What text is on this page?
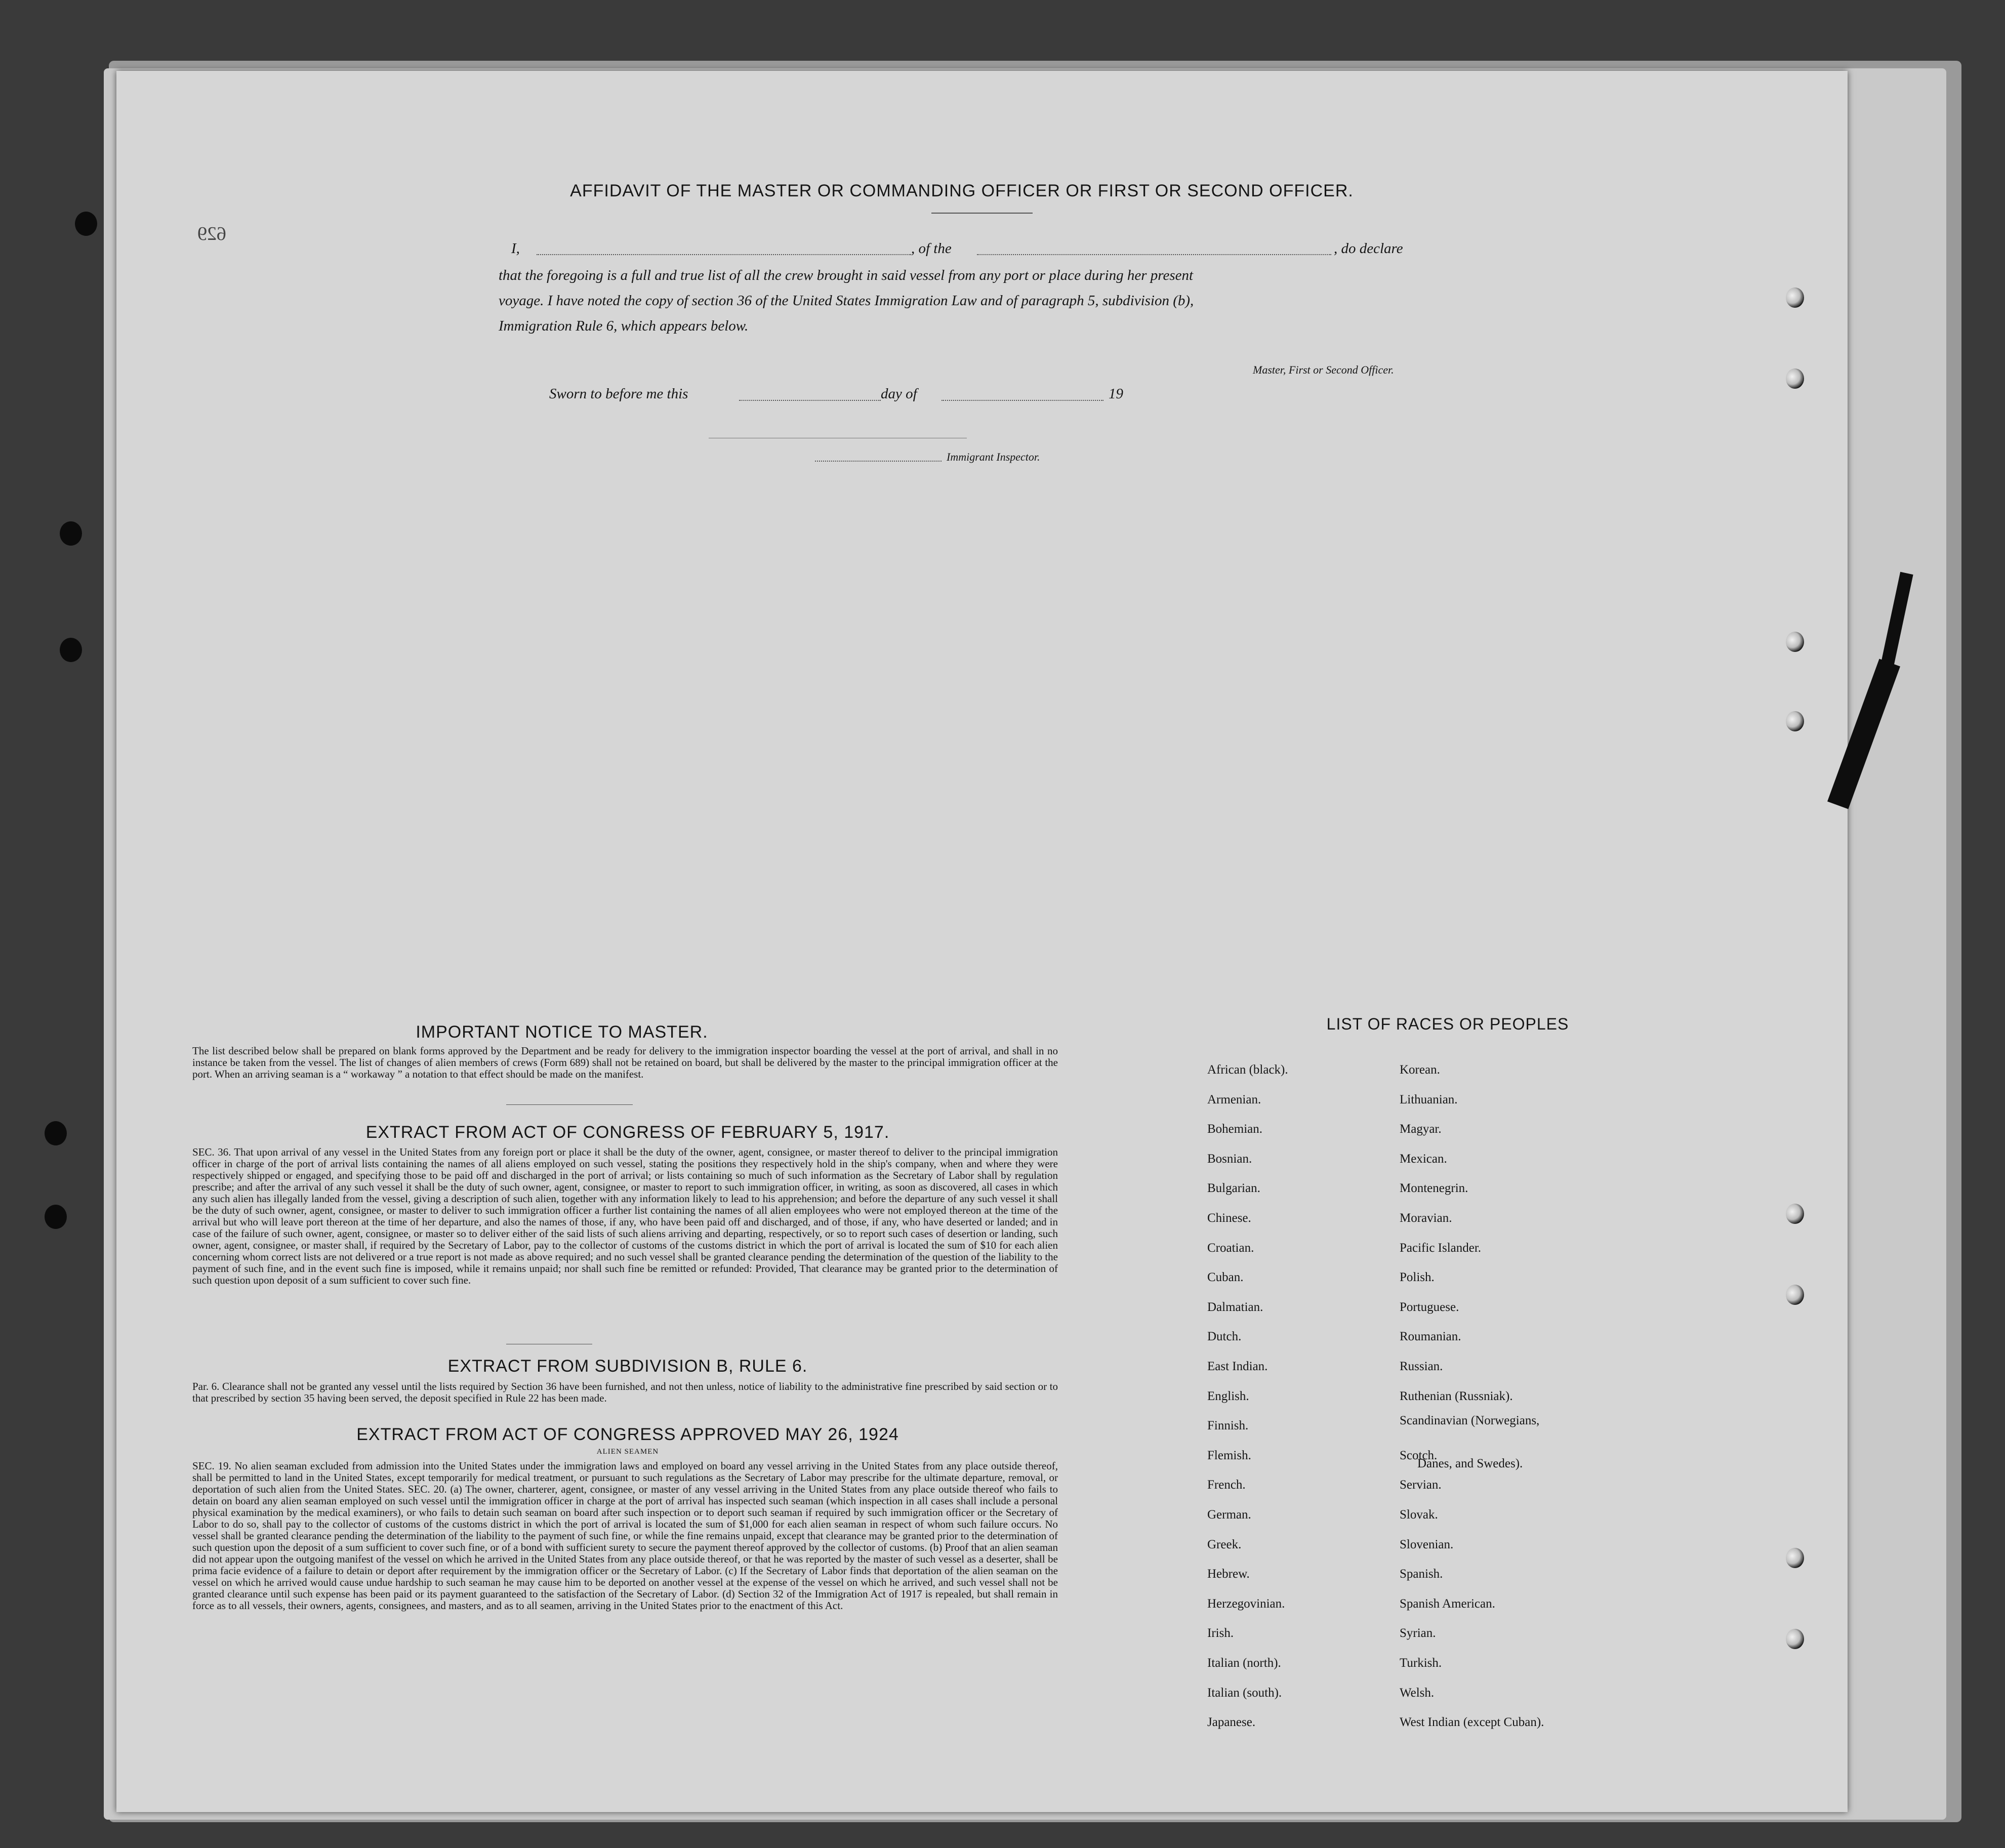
629
AFFIDAVIT OF THE MASTER OR COMMANDING OFFICER OR FIRST OR SECOND OFFICER.
I,	, of the	, do declare
that the foregoing is a full and true list of all the crew brought in said vessel from any port or place during her present
voyage. I have noted the copy of section 36 of the United States Immigration Law and of paragraph 5, subdivision (b),
Immigration Rule 6, which appears below.
Master, First or Second Officer.
Sworn to before me this	day of	19
Immigrant Inspector.
IMPORTANT NOTICE TO MASTER.
The list described below shall be prepared on blank forms approved by the Department and be ready for delivery to the immigration inspector boarding the vessel at the port of arrival, and shall in no instance be taken from the vessel. The list of changes of alien members of crews (Form 689) shall not be retained on board, but shall be delivered by the master to the principal immigration officer at the port. When an arriving seaman is a “ workaway ” a notation to that effect should be made on the manifest.
EXTRACT FROM ACT OF CONGRESS OF FEBRUARY 5, 1917.
SEC. 36. That upon arrival of any vessel in the United States from any foreign port or place it shall be the duty of the owner, agent, consignee, or master thereof to deliver to the principal immigration officer in charge of the port of arrival lists containing the names of all aliens employed on such vessel, stating the positions they respectively hold in the ship's company, when and where they were respectively shipped or engaged, and specifying those to be paid off and discharged in the port of arrival; or lists containing so much of such information as the Secretary of Labor shall by regulation prescribe; and after the arrival of any such vessel it shall be the duty of such owner, agent, consignee, or master to report to such immigration officer, in writing, as soon as discovered, all cases in which any such alien has illegally landed from the vessel, giving a description of such alien, together with any information likely to lead to his apprehension; and before the departure of any such vessel it shall be the duty of such owner, agent, consignee, or master to deliver to such immigration officer a further list containing the names of all alien employees who were not employed thereon at the time of the arrival but who will leave port thereon at the time of her departure, and also the names of those, if any, who have been paid off and discharged, and of those, if any, who have deserted or landed; and in case of the failure of such owner, agent, consignee, or master so to deliver either of the said lists of such aliens arriving and departing, respectively, or so to report such cases of desertion or landing, such owner, agent, consignee, or master shall, if required by the Secretary of Labor, pay to the collector of customs of the customs district in which the port of arrival is located the sum of $10 for each alien concerning whom correct lists are not delivered or a true report is not made as above required; and no such vessel shall be granted clearance pending the determination of the question of the liability to the payment of such fine, and in the event such fine is imposed, while it remains unpaid; nor shall such fine be remitted or refunded: Provided, That clearance may be granted prior to the determination of such question upon deposit of a sum sufficient to cover such fine.
EXTRACT FROM SUBDIVISION B, RULE 6.
Par. 6. Clearance shall not be granted any vessel until the lists required by Section 36 have been furnished, and not then unless, notice of liability to the administrative fine prescribed by said section or to that prescribed by section 35 having been served, the deposit specified in Rule 22 has been made.
EXTRACT FROM ACT OF CONGRESS APPROVED MAY 26, 1924
ALIEN SEAMEN
SEC. 19. No alien seaman excluded from admission into the United States under the immigration laws and employed on board any vessel arriving in the United States from any place outside thereof, shall be permitted to land in the United States, except temporarily for medical treatment, or pursuant to such regulations as the Secretary of Labor may prescribe for the ultimate departure, removal, or deportation of such alien from the United States. SEC. 20. (a) The owner, charterer, agent, consignee, or master of any vessel arriving in the United States from any place outside thereof who fails to detain on board any alien seaman employed on such vessel until the immigration officer in charge at the port of arrival has inspected such seaman (which inspection in all cases shall include a personal physical examination by the medical examiners), or who fails to detain such seaman on board after such inspection or to deport such seaman if required by such immigration officer or the Secretary of Labor to do so, shall pay to the collector of customs of the customs district in which the port of arrival is located the sum of $1,000 for each alien seaman in respect of whom such failure occurs. No vessel shall be granted clearance pending the determination of the liability to the payment of such fine, or while the fine remains unpaid, except that clearance may be granted prior to the determination of such question upon the deposit of a sum sufficient to cover such fine, or of a bond with sufficient surety to secure the payment thereof approved by the collector of customs. (b) Proof that an alien seaman did not appear upon the outgoing manifest of the vessel on which he arrived in the United States from any place outside thereof, or that he was reported by the master of such vessel as a deserter, shall be prima facie evidence of a failure to detain or deport after requirement by the immigration officer or the Secretary of Labor. (c) If the Secretary of Labor finds that deportation of the alien seaman on the vessel on which he arrived would cause undue hardship to such seaman he may cause him to be deported on another vessel at the expense of the vessel on which he arrived, and such vessel shall not be granted clearance until such expense has been paid or its payment guaranteed to the satisfaction of the Secretary of Labor. (d) Section 32 of the Immigration Act of 1917 is repealed, but shall remain in force as to all vessels, their owners, agents, consignees, and masters, and as to all seamen, arriving in the United States prior to the enactment of this Act.
LIST OF RACES OR PEOPLES
African (black).
Armenian.
Bohemian.
Bosnian.
Bulgarian.
Chinese.
Croatian.
Cuban.
Dalmatian.
Dutch.
East Indian.
English.
Finnish.
Flemish.
French.
German.
Greek.
Hebrew.
Herzegovinian.
Irish.
Italian (north).
Italian (south).
Japanese.
Korean.
Lithuanian.
Magyar.
Mexican.
Montenegrin.
Moravian.
Pacific Islander.
Polish.
Portuguese.
Roumanian.
Russian.
Ruthenian (Russniak).
Scandinavian (Norwegians,
Scotch.
Servian.
Slovak.
Slovenian.
Spanish.
Spanish American.
Syrian.
Turkish.
Welsh.
West Indian (except Cuban).
Danes, and Swedes).
